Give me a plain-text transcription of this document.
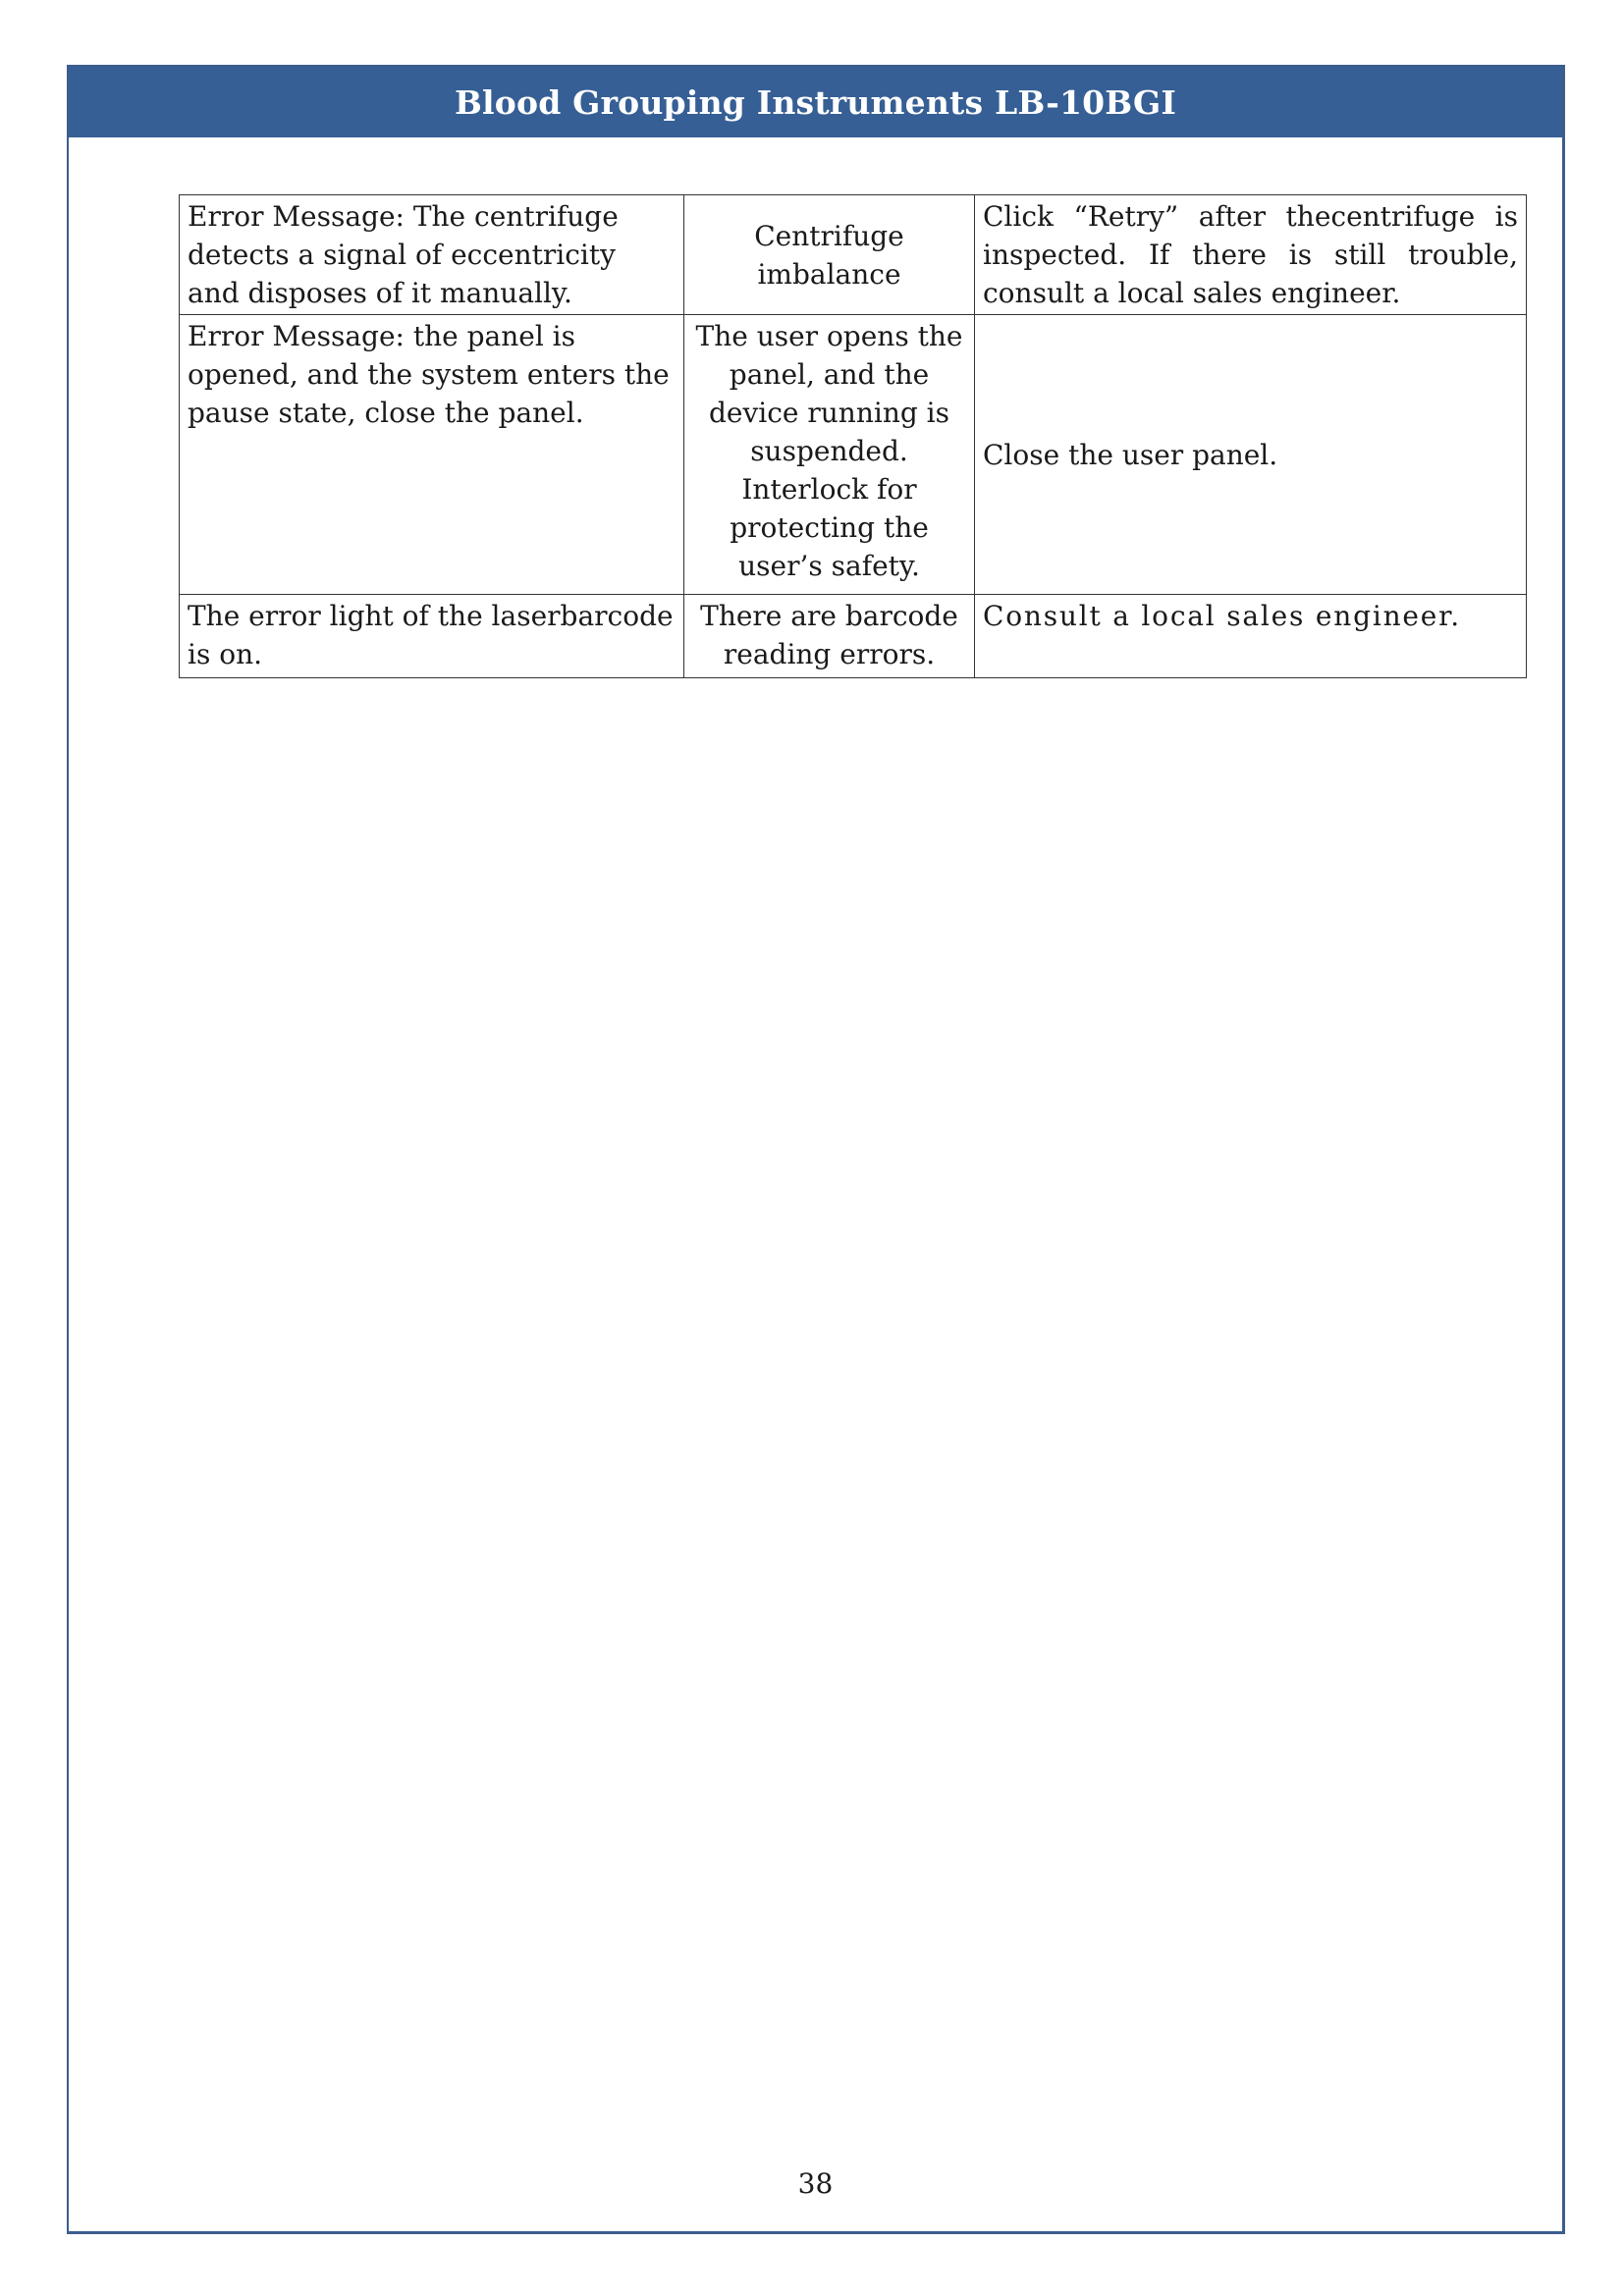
Blood Grouping Instruments LB-10BGI
Error Message: The centrifuge detects a signal of eccentricity and disposes of it manually.	Centrifuge imbalance	Click “Retry” after thecentrifuge is inspected. If there is still trouble, consult a local sales engineer.
Error Message: the panel is opened, and the system enters the pause state, close the panel.	The user opens the panel, and the device running is suspended. Interlock for protecting the user’s safety.	Close the user panel.
The error light of the laserbarcode is on.	There are barcode reading errors.	Consult a local sales engineer.
38
